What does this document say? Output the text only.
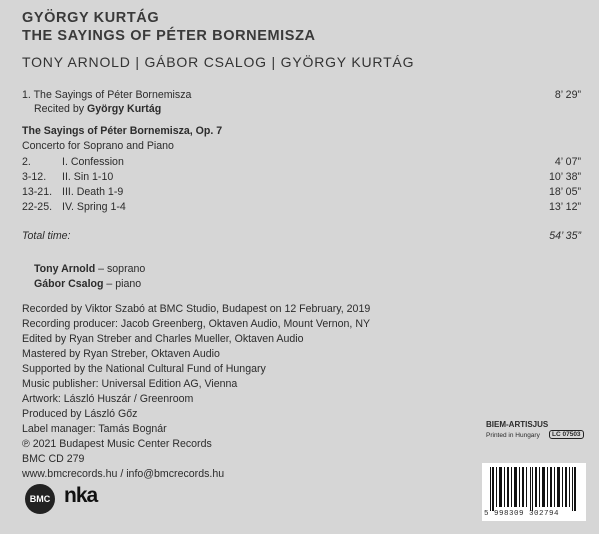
GYÖRGY KURTÁG
THE SAYINGS OF PÉTER BORNEMISZA
TONY ARNOLD | GÁBOR CSALOG | GYÖRGY KURTÁG
1. The Sayings of Péter Bornemisza	8’ 29”
Recited by György Kurtág
The Sayings of Péter Bornemisza, Op. 7
Concerto for Soprano and Piano
2.	I. Confession	4’ 07”
3-12. II. Sin 1-10	10’ 38”
13-21. III. Death 1-9	18’ 05”
22-25. IV. Spring 1-4	13’ 12”
Total time:	54’ 35”
Tony Arnold – soprano
Gábor Csalog – piano
Recorded by Viktor Szabó at BMC Studio, Budapest on 12 February, 2019
Recording producer: Jacob Greenberg, Oktaven Audio, Mount Vernon, NY
Edited by Ryan Streber and Charles Mueller, Oktaven Audio
Mastered by Ryan Streber, Oktaven Audio
Supported by the National Cultural Fund of Hungary
Music publisher: Universal Edition AG, Vienna
Artwork: László Huszár / Greenroom
Produced by László Gőz
Label manager: Tamás Bognár
℗ 2021 Budapest Music Center Records
BMC CD 279
www.bmcrecords.hu / info@bmcrecords.hu
BIEM-ARTISJUS
Printed in Hungary	LC 07503
5 998309 302794
BMC nka
